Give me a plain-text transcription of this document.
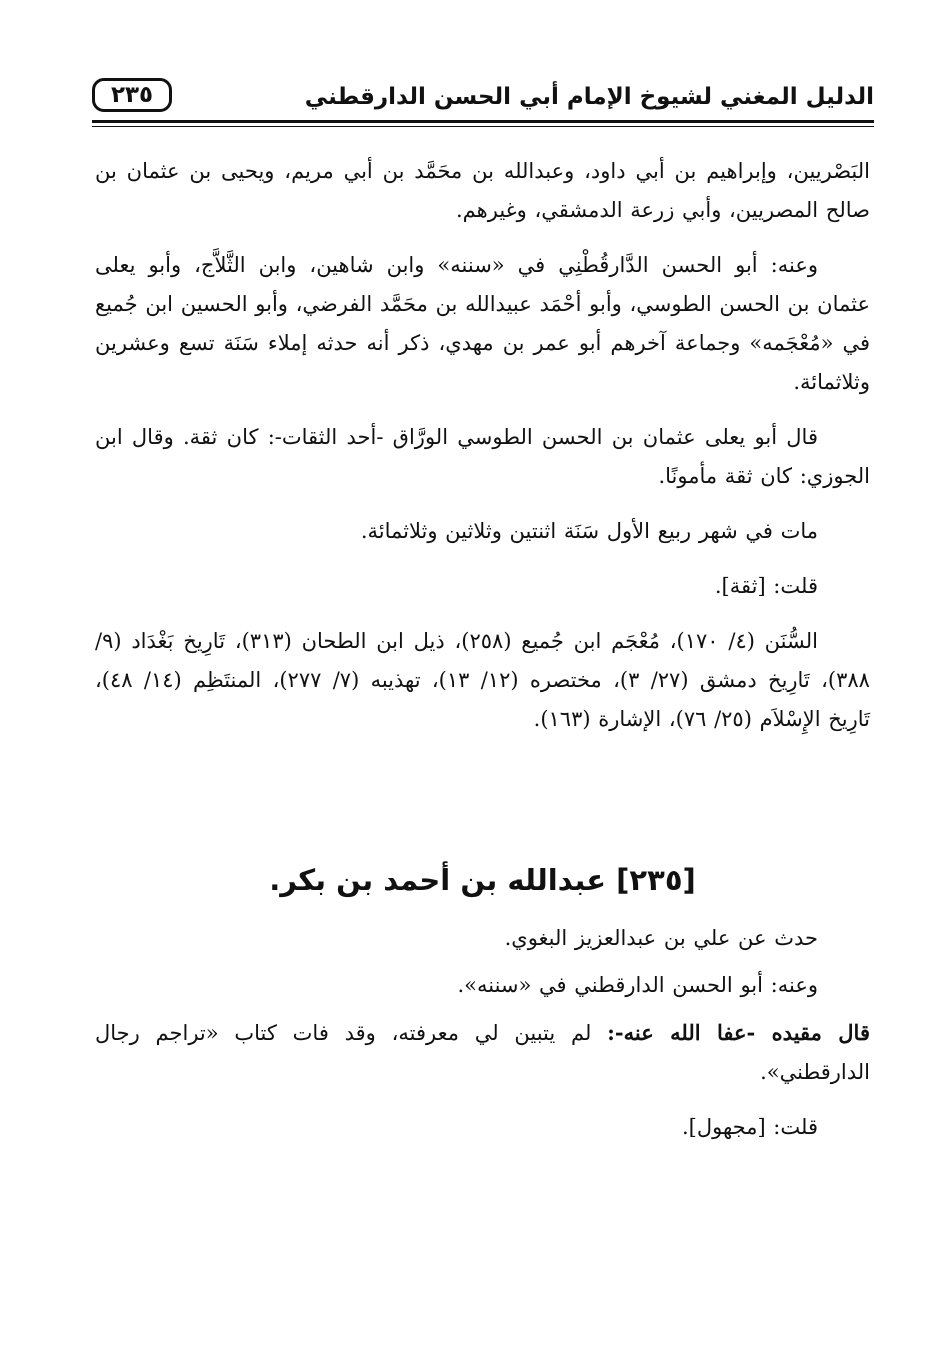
الدليل المغني لشيوخ الإمام أبي الحسن الدارقطني
٢٣٥

البَصْريين، وإبراهيم بن أبي داود، وعبدالله بن محَمَّد بن أبي مريم، ويحيى بن عثمان بن صالح المصريين، وأبي زرعة الدمشقي، وغيرهم.

وعنه: أبو الحسن الدَّارقُطْنِي في «سننه» وابن شاهين، وابن الثَّلاَّج، وأبو يعلى عثمان بن الحسن الطوسي، وأبو أحْمَد عبيدالله بن محَمَّد الفرضي، وأبو الحسين ابن جُميع في «مُعْجَمه» وجماعة آخرهم أبو عمر بن مهدي، ذكر أنه حدثه إملاء سَنَة تسع وعشرين وثلاثمائة.

قال أبو يعلى عثمان بن الحسن الطوسي الورَّاق -أحد الثقات-: كان ثقة. وقال ابن الجوزي: كان ثقة مأمونًا.

مات في شهر ربيع الأول سَنَة اثنتين وثلاثين وثلاثمائة.

قلت: [ثقة].

السُّنَن (٤/ ١٧٠)، مُعْجَم ابن جُميع (٢٥٨)، ذيل ابن الطحان (٣١٣)، تَارِيخ بَغْدَاد (٩/ ٣٨٨)، تَارِيخ دمشق (٢٧/ ٣)، مختصره (١٢/ ١٣)، تهذيبه (٧/ ٢٧٧)، المنتَظِم (١٤/ ٤٨)، تَارِيخ الإِسْلاَم (٢٥/ ٧٦)، الإشارة (١٦٣).

[٢٣٥] عبدالله بن أحمد بن بكر.

حدث عن علي بن عبدالعزيز البغوي.

وعنه: أبو الحسن الدارقطني في «سننه».

قال مقيده -عفا الله عنه-: لم يتبين لي معرفته، وقد فات كتاب «تراجم رجال الدارقطني».

قلت: [مجهول].
